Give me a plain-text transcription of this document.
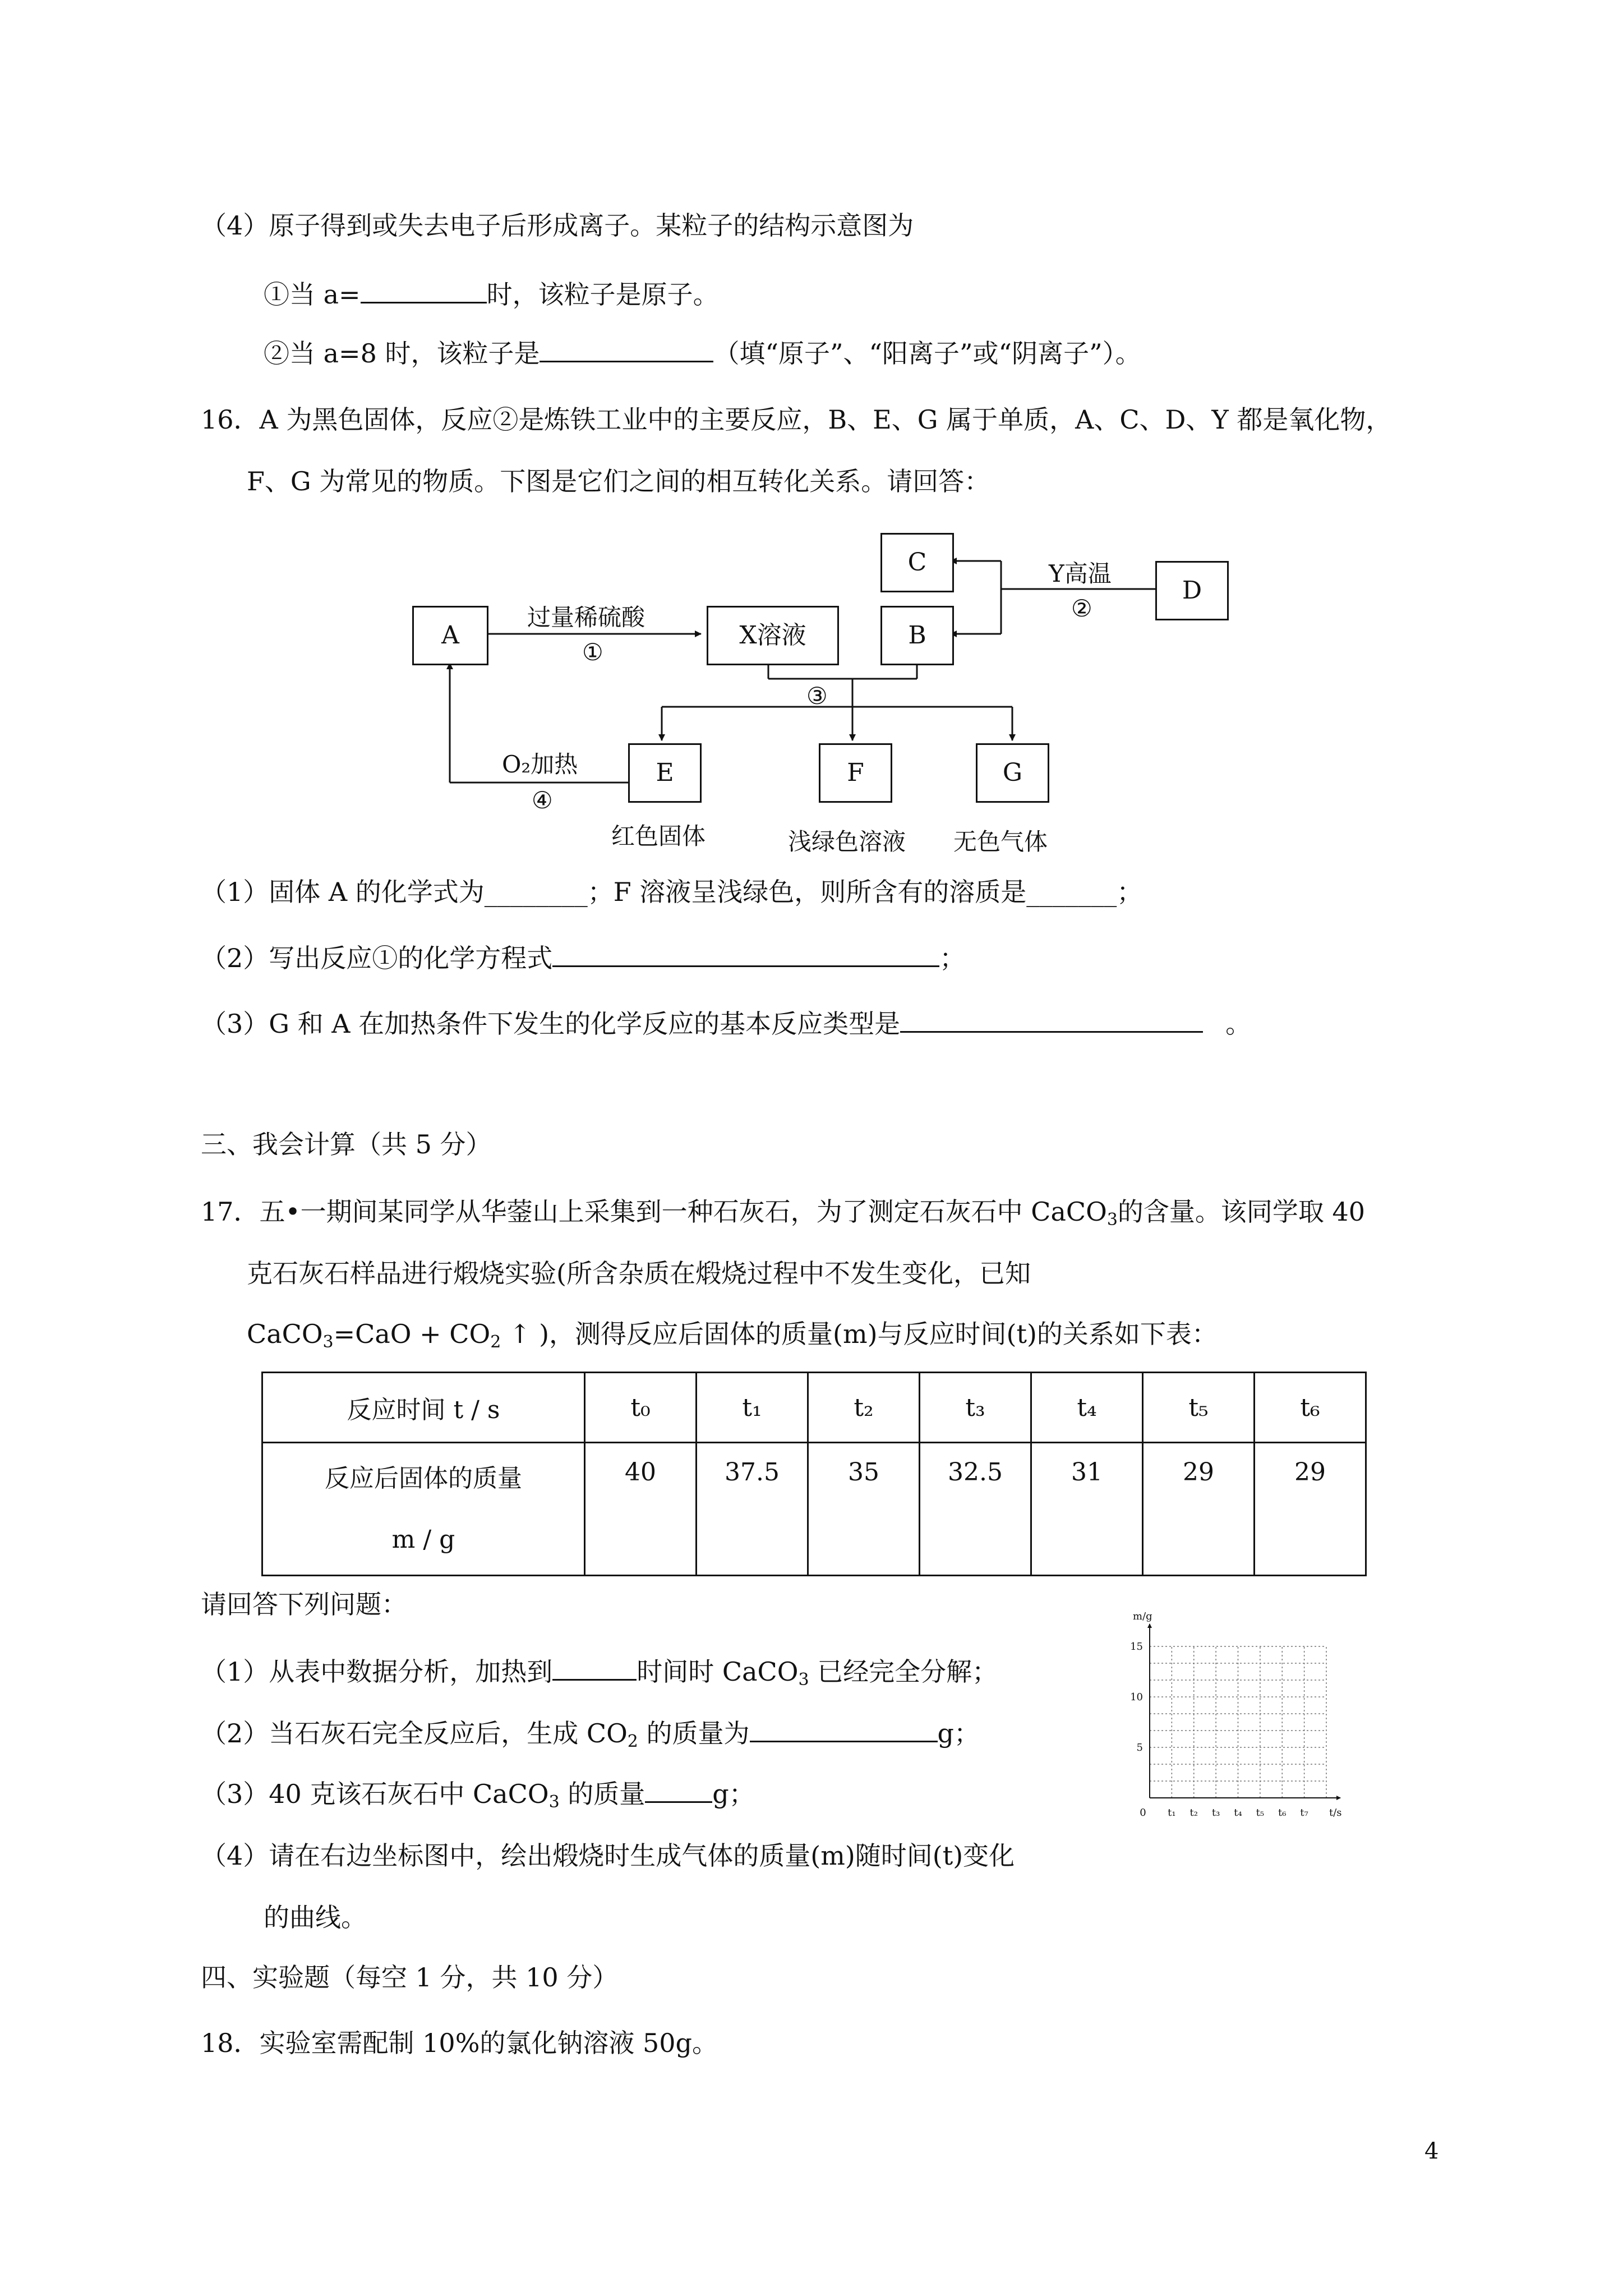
（4）原子得到或失去电子后形成离子。某粒子的结构示意图为
①当 a=	时，该粒子是原子。
②当 a=8 时，该粒子是	（填“原子”、“阳离子”或“阴离子”）。
16．A 为黑色固体，反应②是炼铁工业中的主要反应，B、E、G 属于单质，A、C、D、Y 都是氧化物，
F、G 为常见的物质。下图是它们之间的相互转化关系。请回答：
A	X溶液	B
C
D
E	F	G
过量稀硫酸
①
Y高温
②
③
O₂加热
④
红色固体	浅绿色溶液 无色气体
（1）固体 A 的化学式为________；F 溶液呈浅绿色，则所含有的溶质是_______；
（2）写出反应①的化学方程式	；
（3）G 和 A 在加热条件下发生的化学反应的基本反应类型是	。
三、我会计算（共 5 分）
17．五•一期间某同学从华蓥山上采集到一种石灰石，为了测定石灰石中 CaCO$_3$的含量。该同学取 40
克石灰石样品进行煅烧实验(所含杂质在煅烧过程中不发生变化，已知
CaCO$_3$=CaO + $CO_2$ ↑ )，测得反应后固体的质量(m)与反应时间(t)的关系如下表：
反应时间 t / s	t₀	t₁	t₂	t₃	t₄	t₅	t₆

反应后固体的质量
m / g	40	37.5	35	32.5	31	29	29
请回答下列问题：
（1）从表中数据分析，加热到	时间时 CaCO$_3$ 已经完全分解；
（2）当石灰石完全反应后，生成 $CO_2$ 的质量为	g；
（3）40 克该石灰石中 CaCO$_3$ 的质量	g；
（4）请在右边坐标图中，绘出煅烧时生成气体的质量(m)随时间(t)变化
的曲线。
m/g
t/s
0
5
10
15
t₁ t₂ t₃ t₄ t₅ t₆ t₇
四、实验题（每空 1 分，共 10 分）
18．实验室需配制 10%的氯化钠溶液 50g。
4
